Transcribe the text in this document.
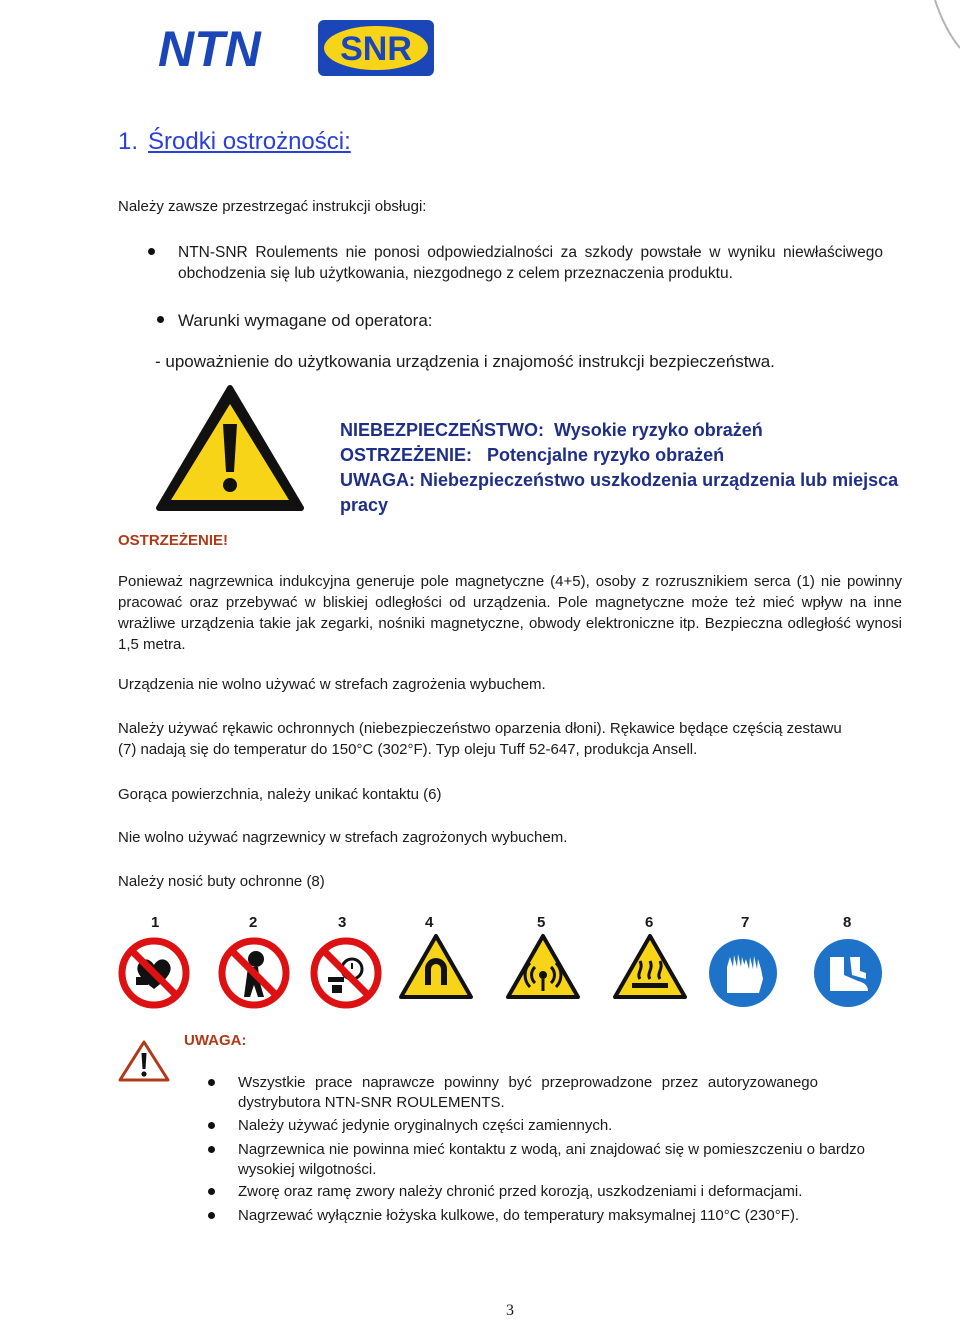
NTN SNR
1. Środki ostrożności:
Należy zawsze przestrzegać instrukcji obsługi:
NTN-SNR Roulements nie ponosi odpowiedzialności za szkody powstałe w wyniku niewłaściwego obchodzenia się lub użytkowania, niezgodnego z celem przeznaczenia produktu.
Warunki wymagane od operatora:
- upoważnienie do użytkowania urządzenia i znajomość instrukcji bezpieczeństwa.
OSTRZEŻENIE!
NIEBEZPIECZEŃSTWO: Wysokie ryzyko obrażeń
OSTRZEŻENIE: Potencjalne ryzyko obrażeń
UWAGA: Niebezpieczeństwo uszkodzenia urządzenia lub miejsca pracy
Ponieważ nagrzewnica indukcyjna generuje pole magnetyczne (4+5), osoby z rozrusznikiem serca (1) nie powinny pracować oraz przebywać w bliskiej odległości od urządzenia. Pole magnetyczne może też mieć wpływ na inne wrażliwe urządzenia takie jak zegarki, nośniki magnetyczne, obwody elektroniczne itp. Bezpieczna odległość wynosi 1,5 metra.
Urządzenia nie wolno używać w strefach zagrożenia wybuchem.
Należy używać rękawic ochronnych (niebezpieczeństwo oparzenia dłoni). Rękawice będące częścią zestawu (7) nadają się do temperatur do 150°C (302°F). Typ oleju Tuff 52-647, produkcja Ansell.
Gorąca powierzchnia, należy unikać kontaktu (6)
Nie wolno używać nagrzewnicy w strefach zagrożonych wybuchem.
Należy nosić buty ochronne (8)
1	2	3	4	5	6	7	8
UWAGA:
Wszystkie prace naprawcze powinny być przeprowadzone przez autoryzowanego dystrybutora NTN-SNR ROULEMENTS.
Należy używać jedynie oryginalnych części zamiennych.
Nagrzewnica nie powinna mieć kontaktu z wodą, ani znajdować się w pomieszczeniu o bardzo wysokiej wilgotności.
Zworę oraz ramę zwory należy chronić przed korozją, uszkodzeniami i deformacjami.
Nagrzewać wyłącznie łożyska kulkowe, do temperatury maksymalnej 110°C (230°F).
3
